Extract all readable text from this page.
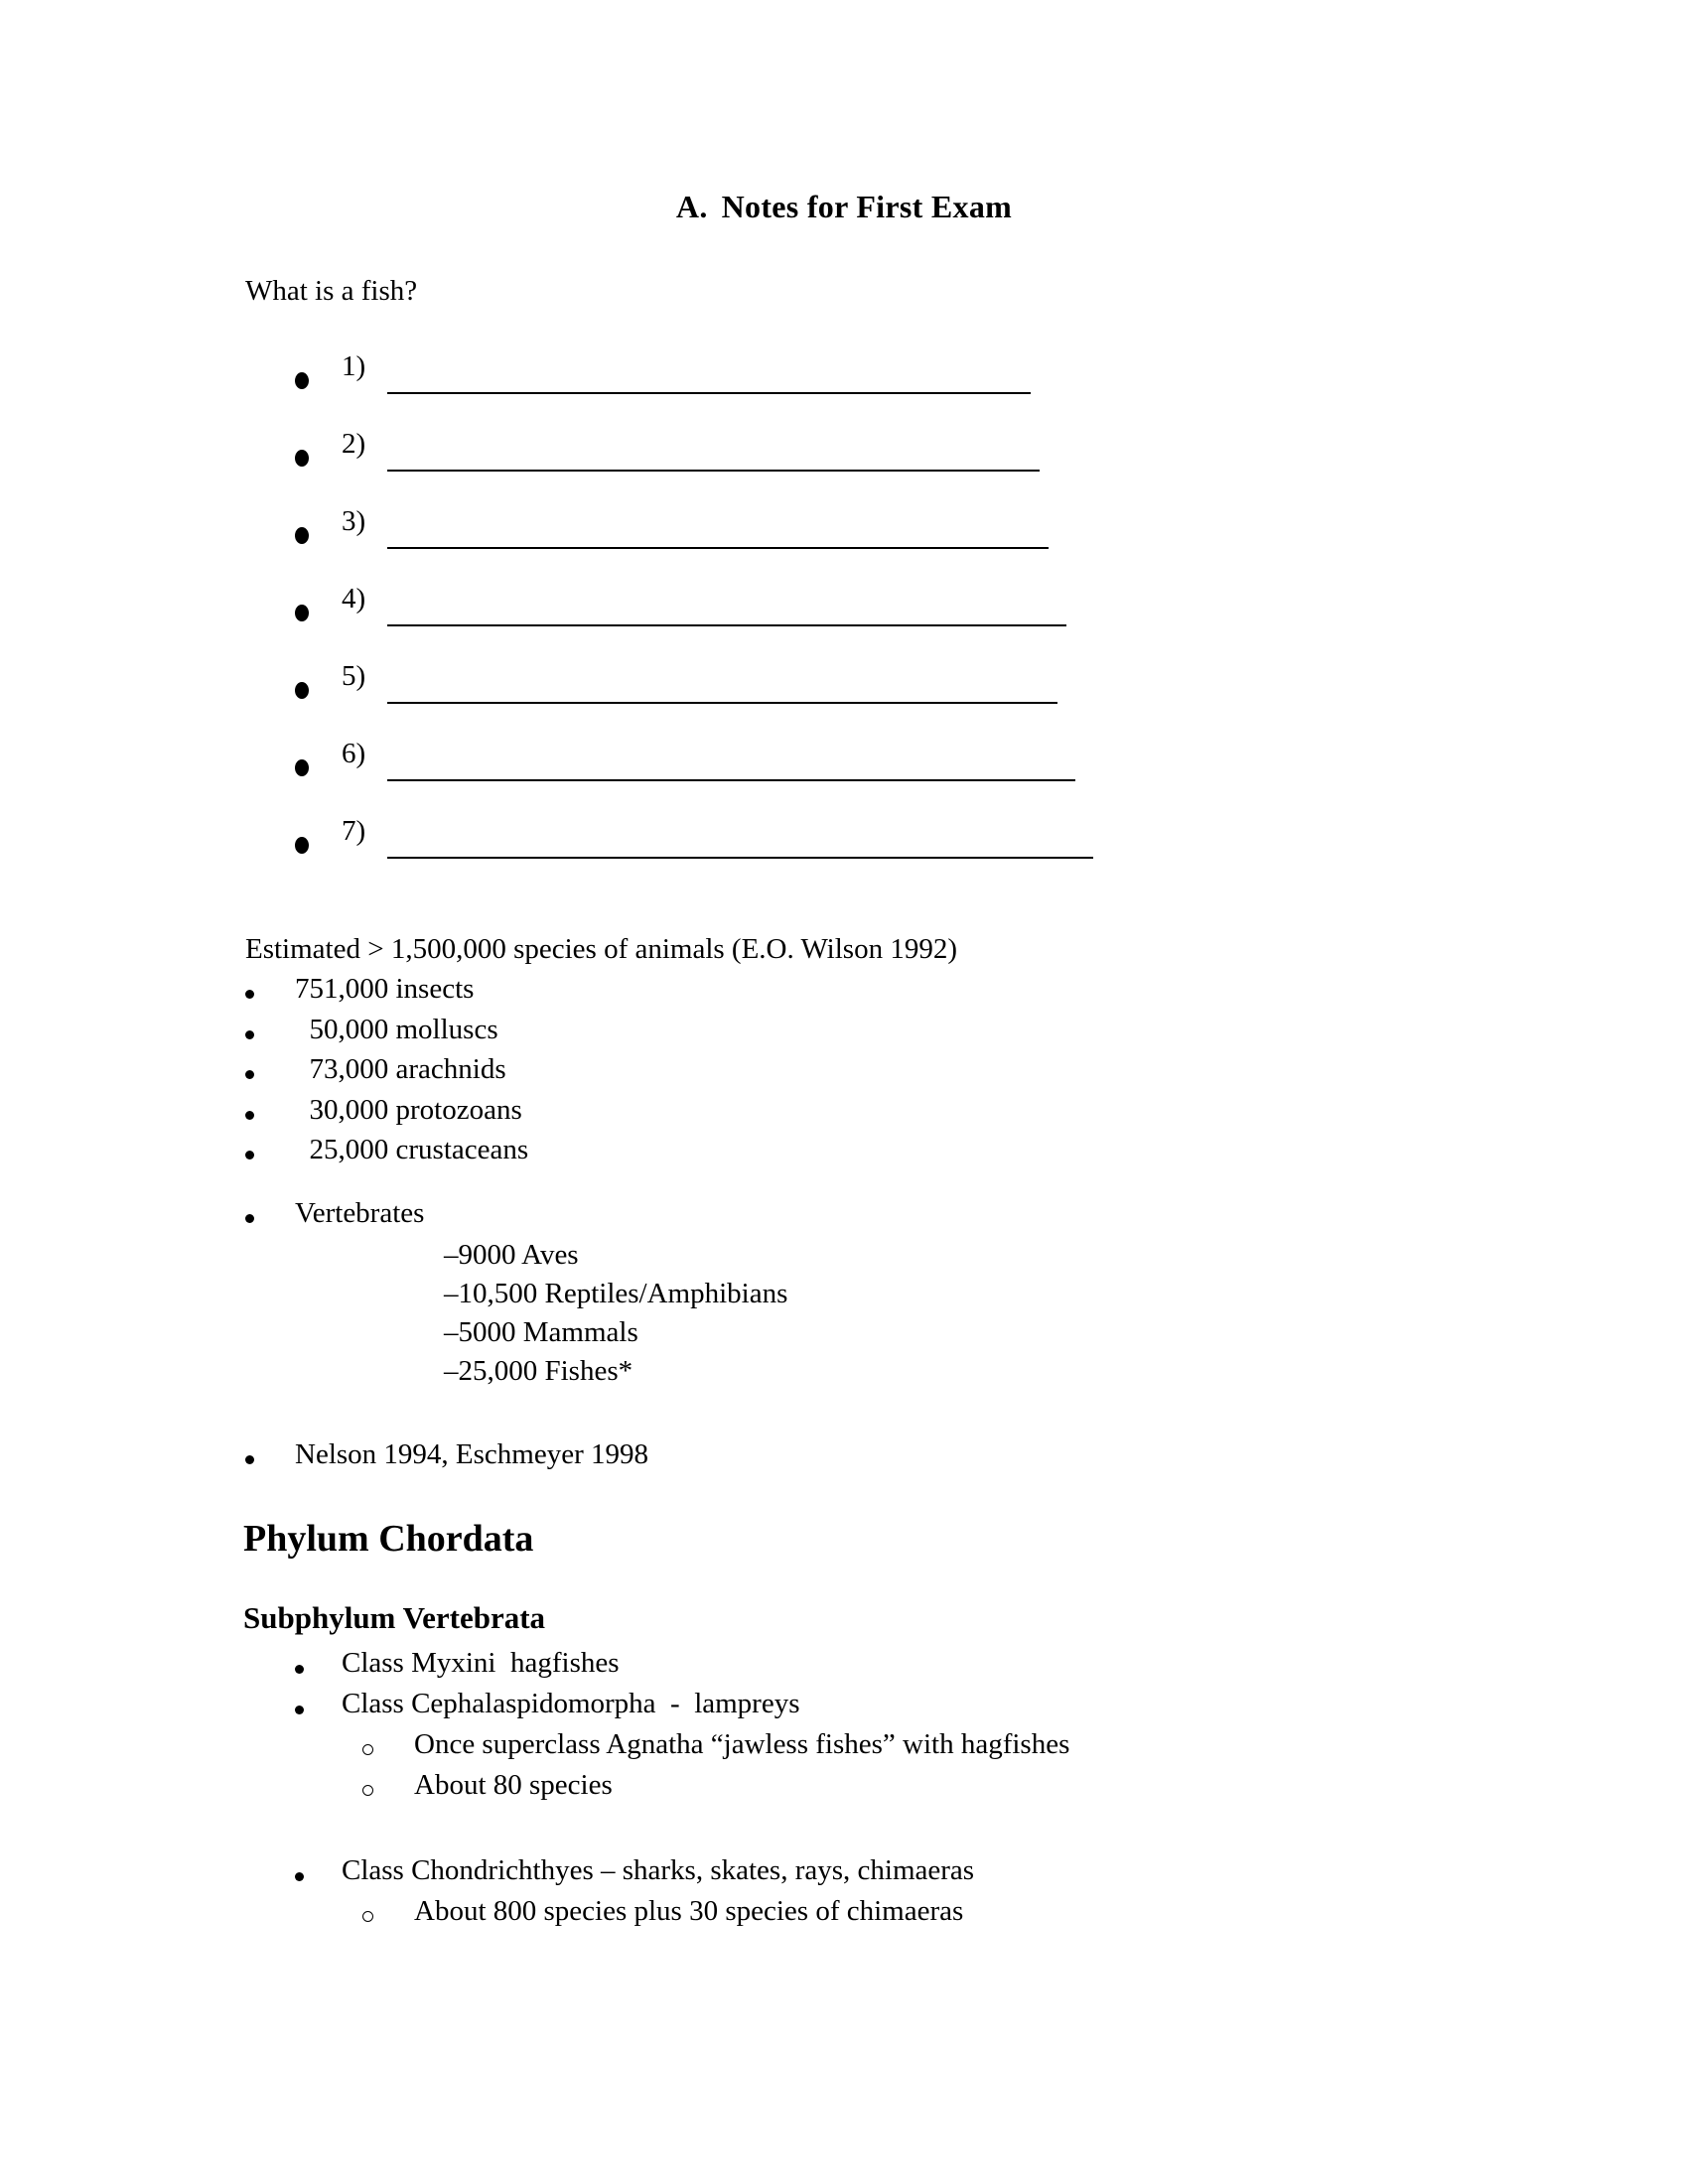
A. Notes for First Exam
What is a fish?
1)
2)
3)
4)
5)
6)
7)
Estimated > 1,500,000 species of animals (E.O. Wilson 1992)
751,000 insects
50,000 molluscs
73,000 arachnids
30,000 protozoans
25,000 crustaceans
Vertebrates
–9000 Aves
–10,500 Reptiles/Amphibians
–5000 Mammals
–25,000 Fishes*
Nelson 1994, Eschmeyer 1998
Phylum Chordata
Subphylum Vertebrata
Class Myxini  hagfishes
Class Cephalaspidomorpha  -  lampreys
Once superclass Agnatha “jawless fishes” with hagfishes
About 80 species
Class Chondrichthyes – sharks, skates, rays, chimaeras
About 800 species plus 30 species of chimaeras
